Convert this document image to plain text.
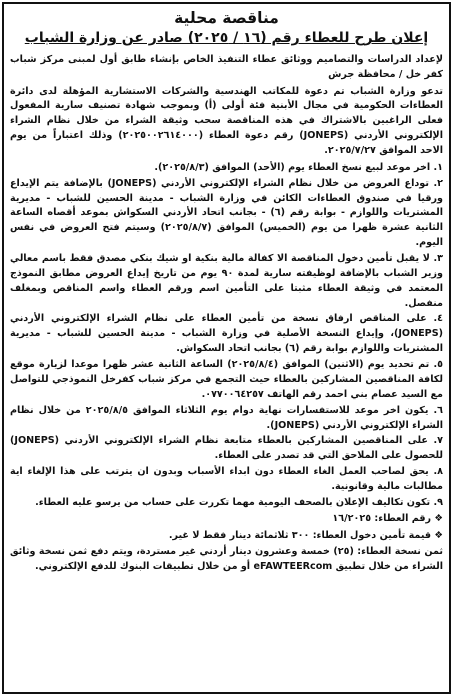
مناقصة محلية
إعلان طرح للعطاء رقم (١٦ / ٢٠٢٥) صادر عن وزارة الشباب

لإعداد الدراسات والتصاميم ووثائق عطاء التنفيذ الخاص بإنشاء طابق أول لمبنى مركز شباب كفر خل / محافظة جرش

تدعو وزارة الشباب تم دعوة للمكاتب الهندسية والشركات الاستشارية المؤهلة لدى دائرة العطاءات الحكومية في مجال الأبنية فئة أولى (أ) وبموجب شهادة تصنيف سارية المفعول فعلى الراغبين بالاشتراك في هذه المناقصة سحب وثيقة الشراء من خلال نظام الشراء الإلكتروني الأردني (JONEPS) رقم دعوة العطاء (٢٠٢٥٠٠٢٦١٤٠٠٠) وذلك اعتباراً من يوم الاحد الموافق ٢٠٢٥/٧/٢٧.

١. اخر موعد لبيع نسخ العطاء يوم (الأحد) الموافق (٢٠٢٥/٨/٣).

٢. توداع العروض من خلال نظام الشراء الإلكتروني الأردني (JONEPS) بالإضافة يتم الإيداع ورقيا في صندوق العطاءات الكائن في وزارة الشباب - مدينة الحسين للشباب - مديرية المشتريات واللوازم - بوابة رقم (٦) - بجانب اتحاد الأردني السكواش بموعد أقصاه الساعة الثانية عشرة ظهرا من يوم (الخميس) الموافق (٢٠٢٥/٨/٧) وسيتم فتح العروض في نفس اليوم.

٣. لا يقبل تأمين دخول المناقصة الا كفالة مالية بنكية او شيك بنكي مصدق فقط باسم معالي وزير الشباب بالإضافة لوظيفته سارية لمدة ٩٠ يوم من تاريخ إيداع العروض مطابق النموذج المعتمد في وثيقة العطاء مثبتا على التأمين اسم ورقم العطاء واسم المناقص وبمغلف منفصل.

٤. على المناقص ارفاق نسخة من تأمين العطاء على نظام الشراء الإلكتروني الأردني (JONEPS)، وإيداع النسخة الأصلية في وزارة الشباب - مدينة الحسين للشباب - مديرية المشتريات واللوازم بوابة رقم (٦) بجانب اتحاد السكواش.

٥. تم تحديد يوم (الاثنين) الموافق (٢٠٢٥/٨/٤) الساعة الثانية عشر ظهرا موعدا لزيارة موقع لكافة المناقصين المشاركين بالعطاء حيث التجمع في مركز شباب كفرخل النموذجي للتواصل مع السيد عصام بني احمد رقم الهاتف ٠٧٧٠٠٦٤٢٥٧.

٦. يكون اخر موعد للاستفسارات نهاية دوام يوم الثلاثاء الموافق ٢٠٢٥/٨/٥ من خلال نظام الشراء الإلكتروني الأردني (JONEPS).

٧. على المناقصين المشاركين بالعطاء متابعة نظام الشراء الإلكتروني الأردني (JONEPS) للحصول على الملاحق التي قد تصدر على العطاء.

٨. يحق لصاحب العمل الغاء العطاء دون ابداء الأسباب وبدون ان يترتب على هذا الإلغاء اية مطالبات مالية وقانونية.

٩. تكون تكاليف الإعلان بالصحف اليومية مهما تكررت على حساب من يرسو عليه العطاء.

❖ رقم العطاء: ١٦/٢٠٢٥

❖ قيمة تأمين دخول العطاء: ٣٠٠ ثلاثمائة دينار فقط لا غير.

ثمن نسخة العطاء: (٢٥) خمسة وعشرون دينار أردني غير مستردة، ويتم دفع ثمن نسخة وثائق الشراء من خلال تطبيق eFAWTEERcom أو من خلال تطبيقات البنوك للدفع الإلكتروني.
